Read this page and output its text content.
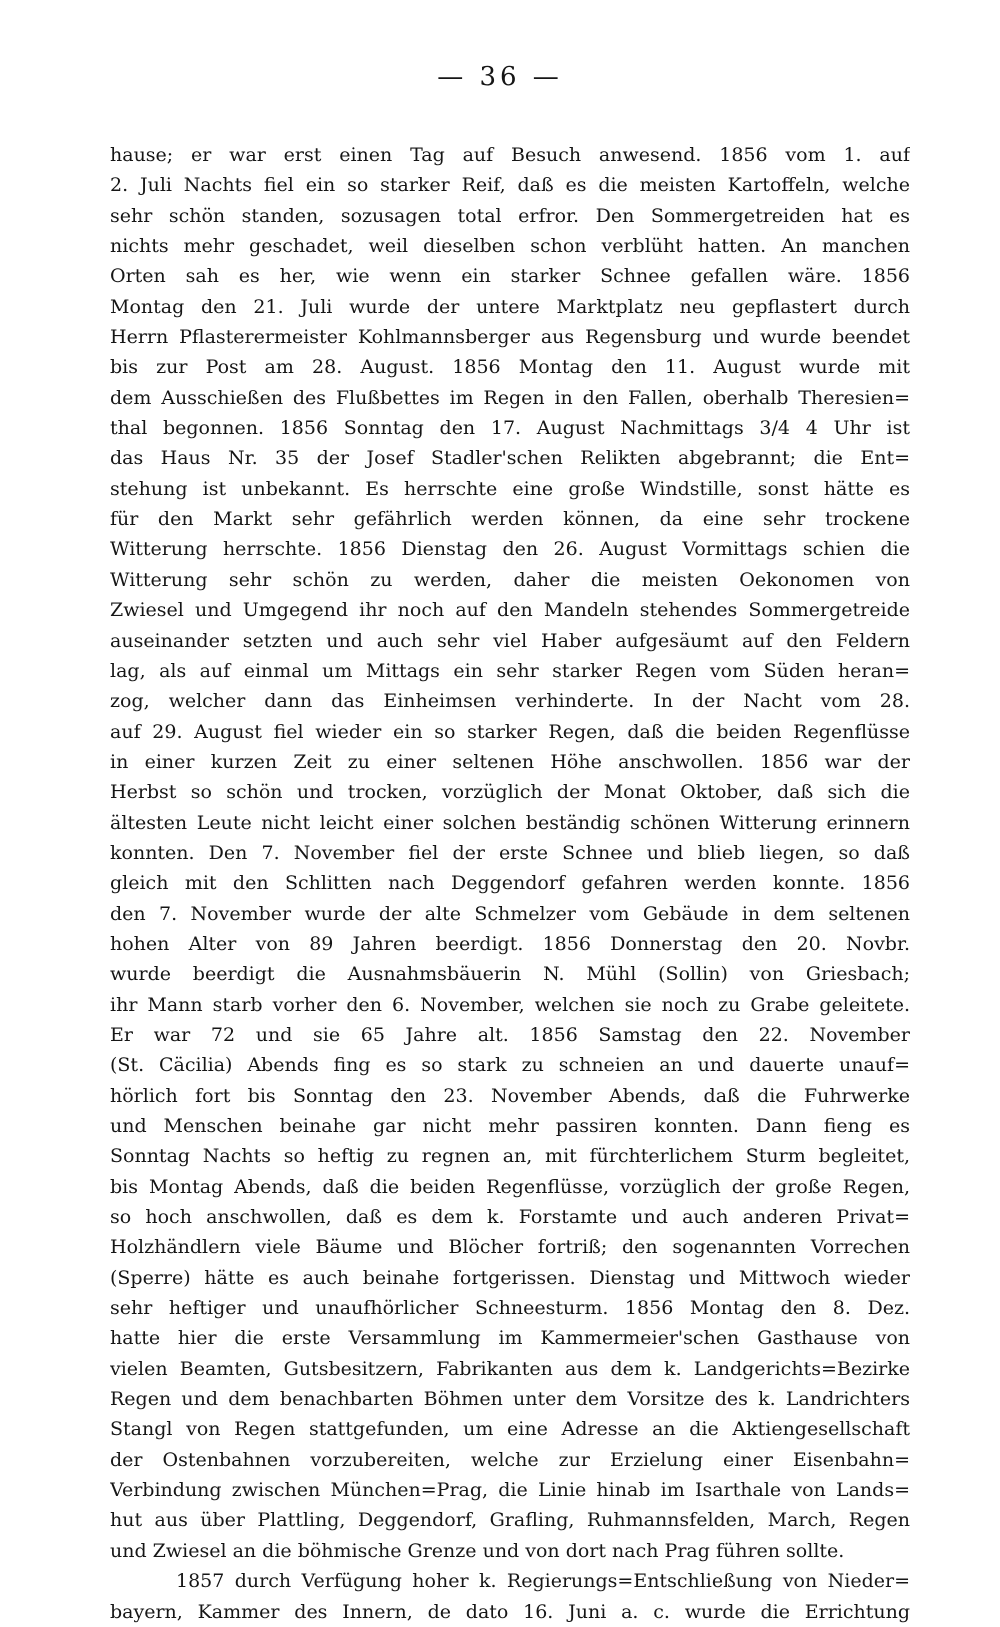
— 36 —
hause; er war erst einen Tag auf Besuch anwesend. 1856 vom 1. auf
2. Juli Nachts fiel ein so starker Reif, daß es die meisten Kartoffeln, welche
sehr schön standen, sozusagen total erfror. Den Sommergetreiden hat es
nichts mehr geschadet, weil dieselben schon verblüht hatten. An manchen
Orten sah es her, wie wenn ein starker Schnee gefallen wäre. 1856
Montag den 21. Juli wurde der untere Marktplatz neu gepflastert durch
Herrn Pflasterermeister Kohlmannsberger aus Regensburg und wurde beendet
bis zur Post am 28. August. 1856 Montag den 11. August wurde mit
dem Ausschießen des Flußbettes im Regen in den Fallen, oberhalb Theresien=
thal begonnen. 1856 Sonntag den 17. August Nachmittags 3/4 4 Uhr ist
das Haus Nr. 35 der Josef Stadler'schen Relikten abgebrannt; die Ent=
stehung ist unbekannt. Es herrschte eine große Windstille, sonst hätte es
für den Markt sehr gefährlich werden können, da eine sehr trockene
Witterung herrschte. 1856 Dienstag den 26. August Vormittags schien die
Witterung sehr schön zu werden, daher die meisten Oekonomen von
Zwiesel und Umgegend ihr noch auf den Mandeln stehendes Sommergetreide
auseinander setzten und auch sehr viel Haber aufgesäumt auf den Feldern
lag, als auf einmal um Mittags ein sehr starker Regen vom Süden heran=
zog, welcher dann das Einheimsen verhinderte. In der Nacht vom 28.
auf 29. August fiel wieder ein so starker Regen, daß die beiden Regenflüsse
in einer kurzen Zeit zu einer seltenen Höhe anschwollen. 1856 war der
Herbst so schön und trocken, vorzüglich der Monat Oktober, daß sich die
ältesten Leute nicht leicht einer solchen beständig schönen Witterung erinnern
konnten. Den 7. November fiel der erste Schnee und blieb liegen, so daß
gleich mit den Schlitten nach Deggendorf gefahren werden konnte. 1856
den 7. November wurde der alte Schmelzer vom Gebäude in dem seltenen
hohen Alter von 89 Jahren beerdigt. 1856 Donnerstag den 20. Novbr.
wurde beerdigt die Ausnahmsbäuerin N. Mühl (Sollin) von Griesbach;
ihr Mann starb vorher den 6. November, welchen sie noch zu Grabe geleitete.
Er war 72 und sie 65 Jahre alt. 1856 Samstag den 22. November
(St. Cäcilia) Abends fing es so stark zu schneien an und dauerte unauf=
hörlich fort bis Sonntag den 23. November Abends, daß die Fuhrwerke
und Menschen beinahe gar nicht mehr passiren konnten. Dann fieng es
Sonntag Nachts so heftig zu regnen an, mit fürchterlichem Sturm begleitet,
bis Montag Abends, daß die beiden Regenflüsse, vorzüglich der große Regen,
so hoch anschwollen, daß es dem k. Forstamte und auch anderen Privat=
Holzhändlern viele Bäume und Blöcher fortriß; den sogenannten Vorrechen
(Sperre) hätte es auch beinahe fortgerissen. Dienstag und Mittwoch wieder
sehr heftiger und unaufhörlicher Schneesturm. 1856 Montag den 8. Dez.
hatte hier die erste Versammlung im Kammermeier'schen Gasthause von
vielen Beamten, Gutsbesitzern, Fabrikanten aus dem k. Landgerichts=Bezirke
Regen und dem benachbarten Böhmen unter dem Vorsitze des k. Landrichters
Stangl von Regen stattgefunden, um eine Adresse an die Aktiengesellschaft
der Ostenbahnen vorzubereiten, welche zur Erzielung einer Eisenbahn=
Verbindung zwischen München=Prag, die Linie hinab im Isarthale von Lands=
hut aus über Plattling, Deggendorf, Grafling, Ruhmannsfelden, March, Regen
und Zwiesel an die böhmische Grenze und von dort nach Prag führen sollte.
1857 durch Verfügung hoher k. Regierungs=Entschließung von Nieder=
bayern, Kammer des Innern, de dato 16. Juni a. c. wurde die Errichtung
